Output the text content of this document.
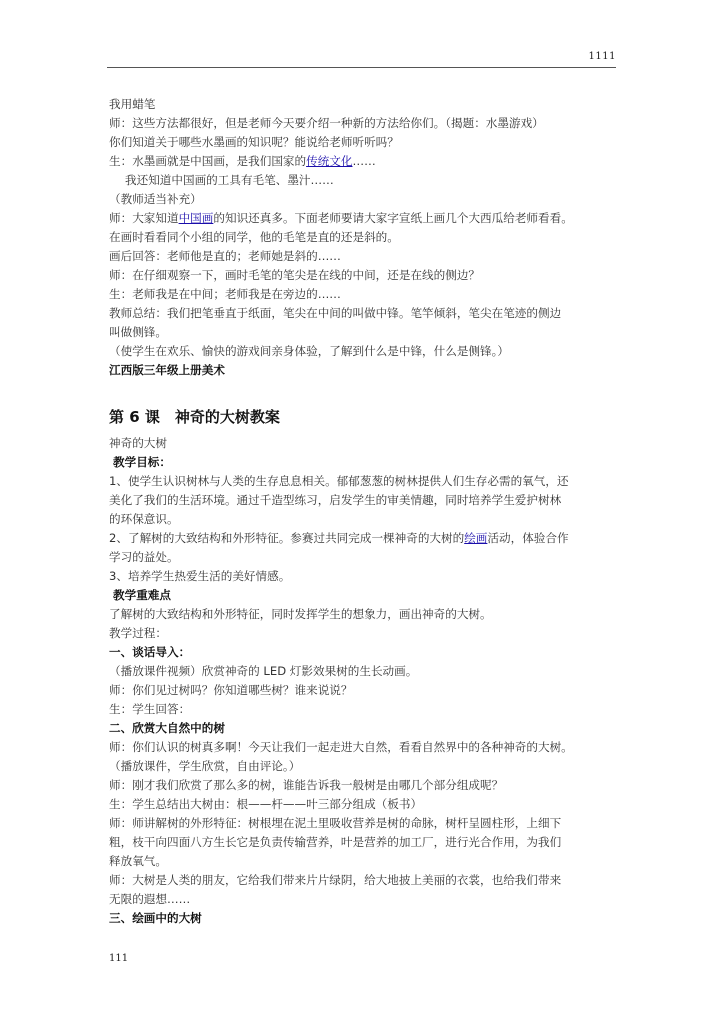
1111
我用蜡笔
师：这些方法都很好，但是老师今天要介绍一种新的方法给你们。（揭题：水墨游戏）
你们知道关于哪些水墨画的知识呢？能说给老师听听吗？
生：水墨画就是中国画，是我们国家的传统文化……
我还知道中国画的工具有毛笔、墨汁……
（教师适当补充）
师：大家知道中国画的知识还真多。下面老师要请大家字宣纸上画几个大西瓜给老师看看。
在画时看看同个小组的同学，他的毛笔是直的还是斜的。
画后回答：老师他是直的；老师她是斜的……
师：在仔细观察一下，画时毛笔的笔尖是在线的中间，还是在线的侧边？
生：老师我是在中间；老师我是在旁边的……
教师总结：我们把笔垂直于纸面，笔尖在中间的叫做中锋。笔竿倾斜，笔尖在笔迹的侧边
叫做侧锋。
（使学生在欢乐、愉快的游戏间亲身体验，了解到什么是中锋，什么是侧锋。）
江西版三年级上册美术
第 6 课　神奇的大树教案
神奇的大树
教学目标：
1、使学生认识树林与人类的生存息息相关。郁郁葱葱的树林提供人们生存必需的氧气，还
美化了我们的生活环境。通过千造型练习，启发学生的审美情趣，同时培养学生爱护树林
的环保意识。
2、了解树的大致结构和外形特征。参赛过共同完成一棵神奇的大树的绘画活动，体验合作
学习的益处。
3、培养学生热爱生活的美好情感。
教学重难点
了解树的大致结构和外形特征，同时发挥学生的想象力，画出神奇的大树。
教学过程：
一、谈话导入：
（播放课件视频）欣赏神奇的 LED 灯影效果树的生长动画。
师：你们见过树吗？你知道哪些树？谁来说说？
生：学生回答：
二、欣赏大自然中的树
师：你们认识的树真多啊！今天让我们一起走进大自然，看看自然界中的各种神奇的大树。
（播放课件，学生欣赏，自由评论。）
师：刚才我们欣赏了那么多的树，谁能告诉我一般树是由哪几个部分组成呢？
生：学生总结出大树由：根——杆——叶三部分组成（板书）
师：师讲解树的外形特征：树根埋在泥土里吸收营养是树的命脉，树杆呈圆柱形，上细下
粗，枝干向四面八方生长它是负责传输营养，叶是营养的加工厂，进行光合作用，为我们
释放氧气。
师：大树是人类的朋友，它给我们带来片片绿阴，给大地披上美丽的衣裳，也给我们带来
无限的遐想……
三、绘画中的大树
111
